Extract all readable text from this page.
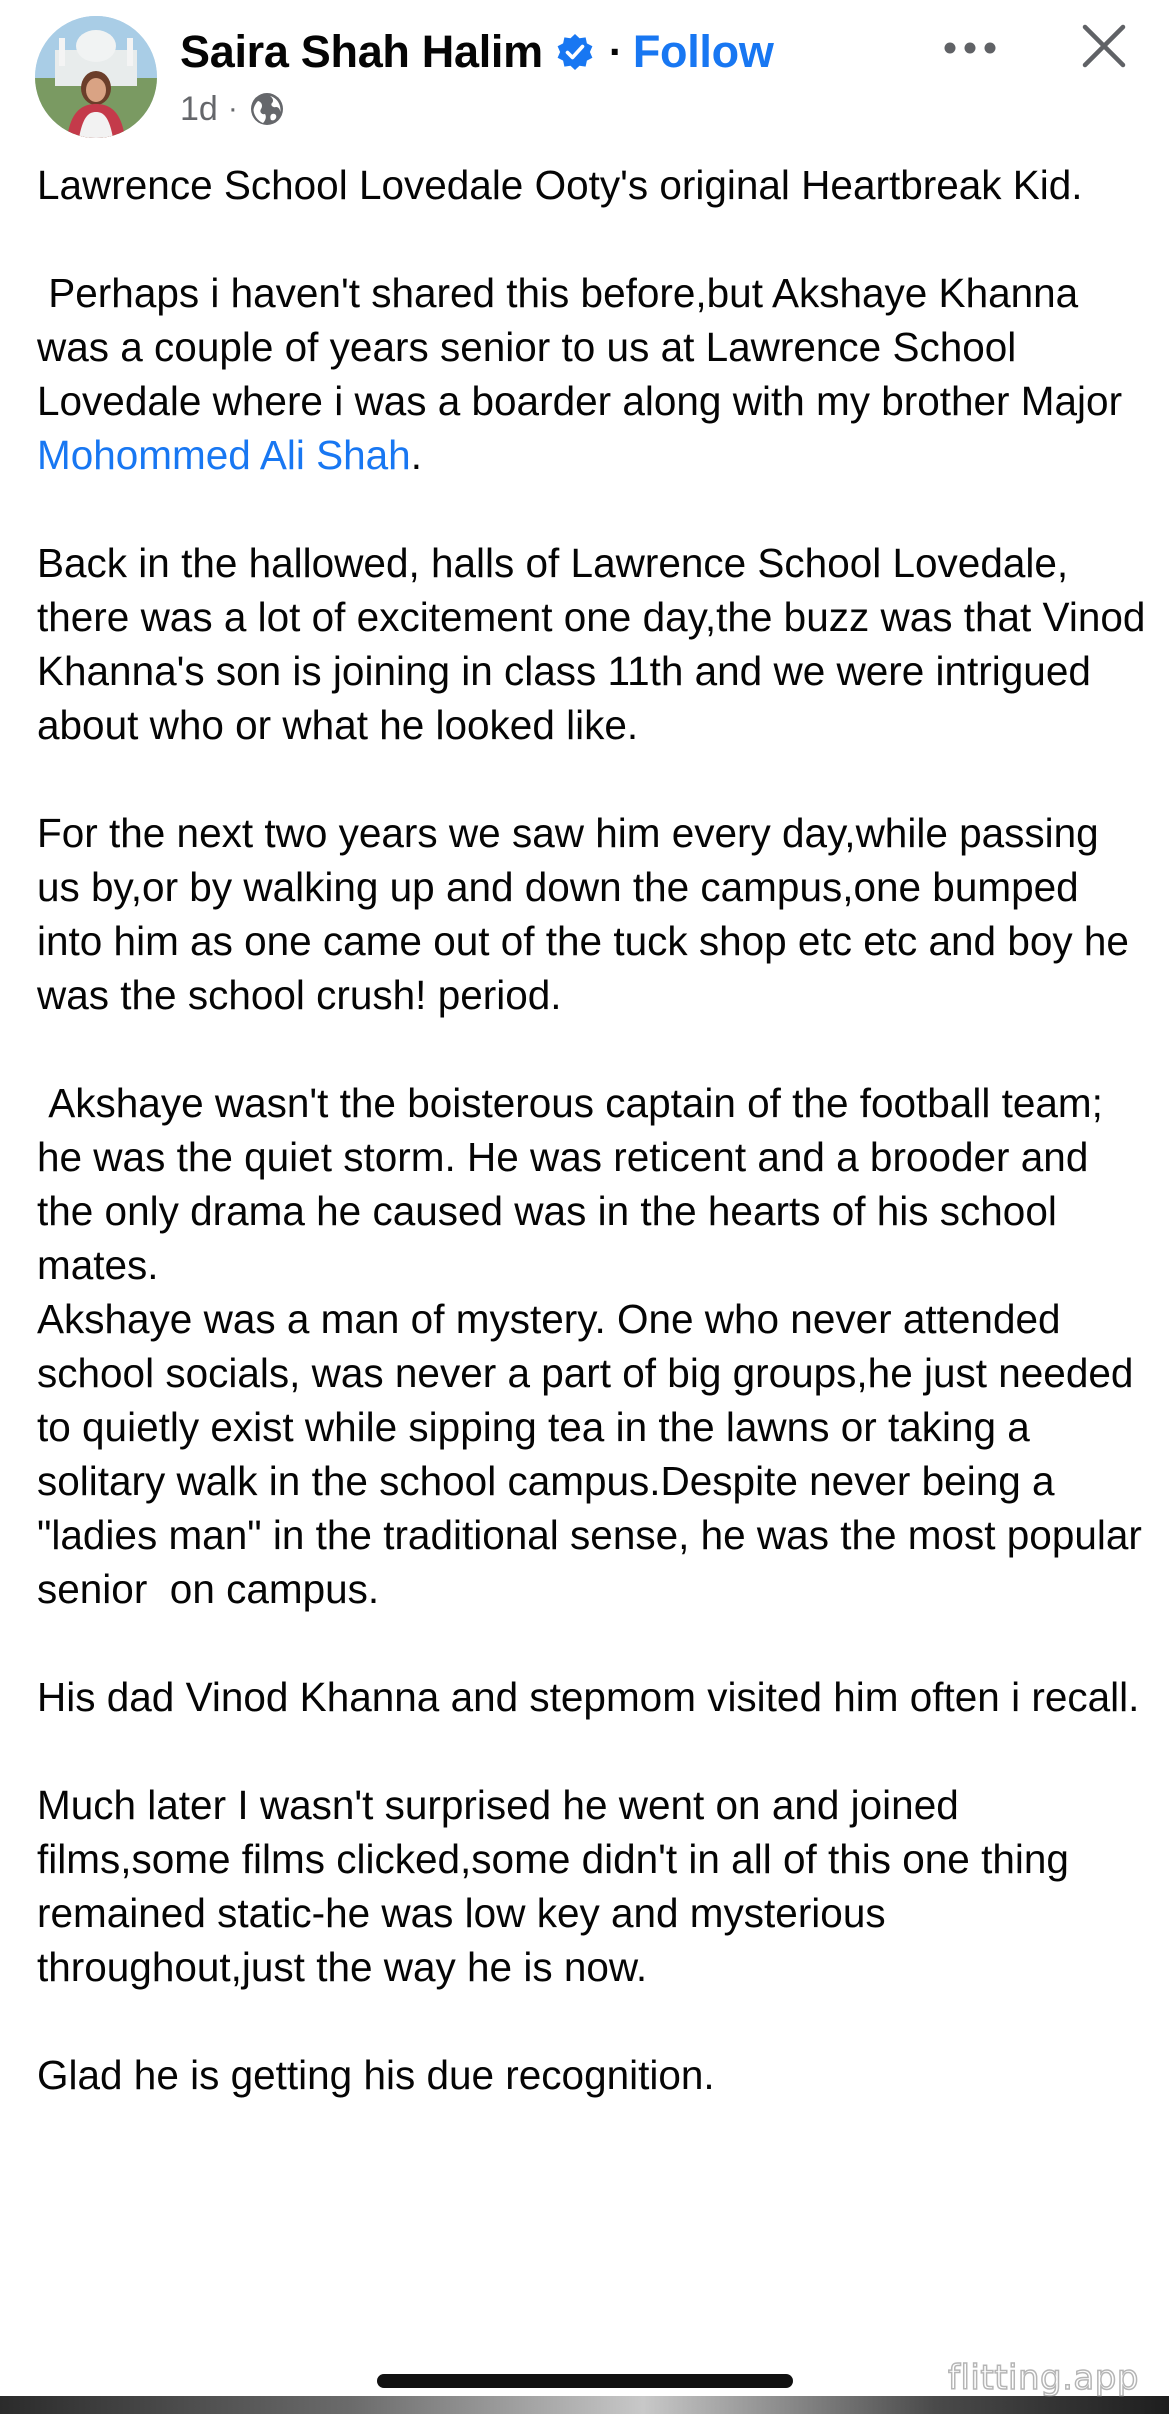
Saira Shah Halim · Follow
1d ·

Lawrence School Lovedale Ooty's original Heartbreak Kid.

Perhaps i haven't shared this before,but Akshaye Khanna was a couple of years senior to us at Lawrence School Lovedale where i was a boarder along with my brother Major Mohommed Ali Shah.

Back in the hallowed, halls of Lawrence School Lovedale, there was a lot of excitement one day,the buzz was that Vinod Khanna's son is joining in class 11th and we were intrigued about who or what he looked like.

For the next two years we saw him every day,while passing  us by,or by walking up and down the campus,one bumped into him as one came out of the tuck shop etc etc and boy he was the school crush! period.

Akshaye wasn't the boisterous captain of the football team; he was the quiet storm. He was reticent and a brooder and the only drama he caused was in the hearts of his school mates.

Akshaye was a man of mystery. One who never attended school socials, was never a part of big groups,he just needed to quietly exist while sipping tea in the lawns or taking a solitary walk in the school campus.Despite never being a "ladies man" in the traditional sense, he was the most popular senior  on campus.

His dad Vinod Khanna and stepmom visited him often i recall.

Much later I wasn't surprised he went on and joined films,some films clicked,some didn't in all of this one thing remained static-he was low key and mysterious throughout,just the way he is now.

Glad he is getting his due recognition.

flitting.app
